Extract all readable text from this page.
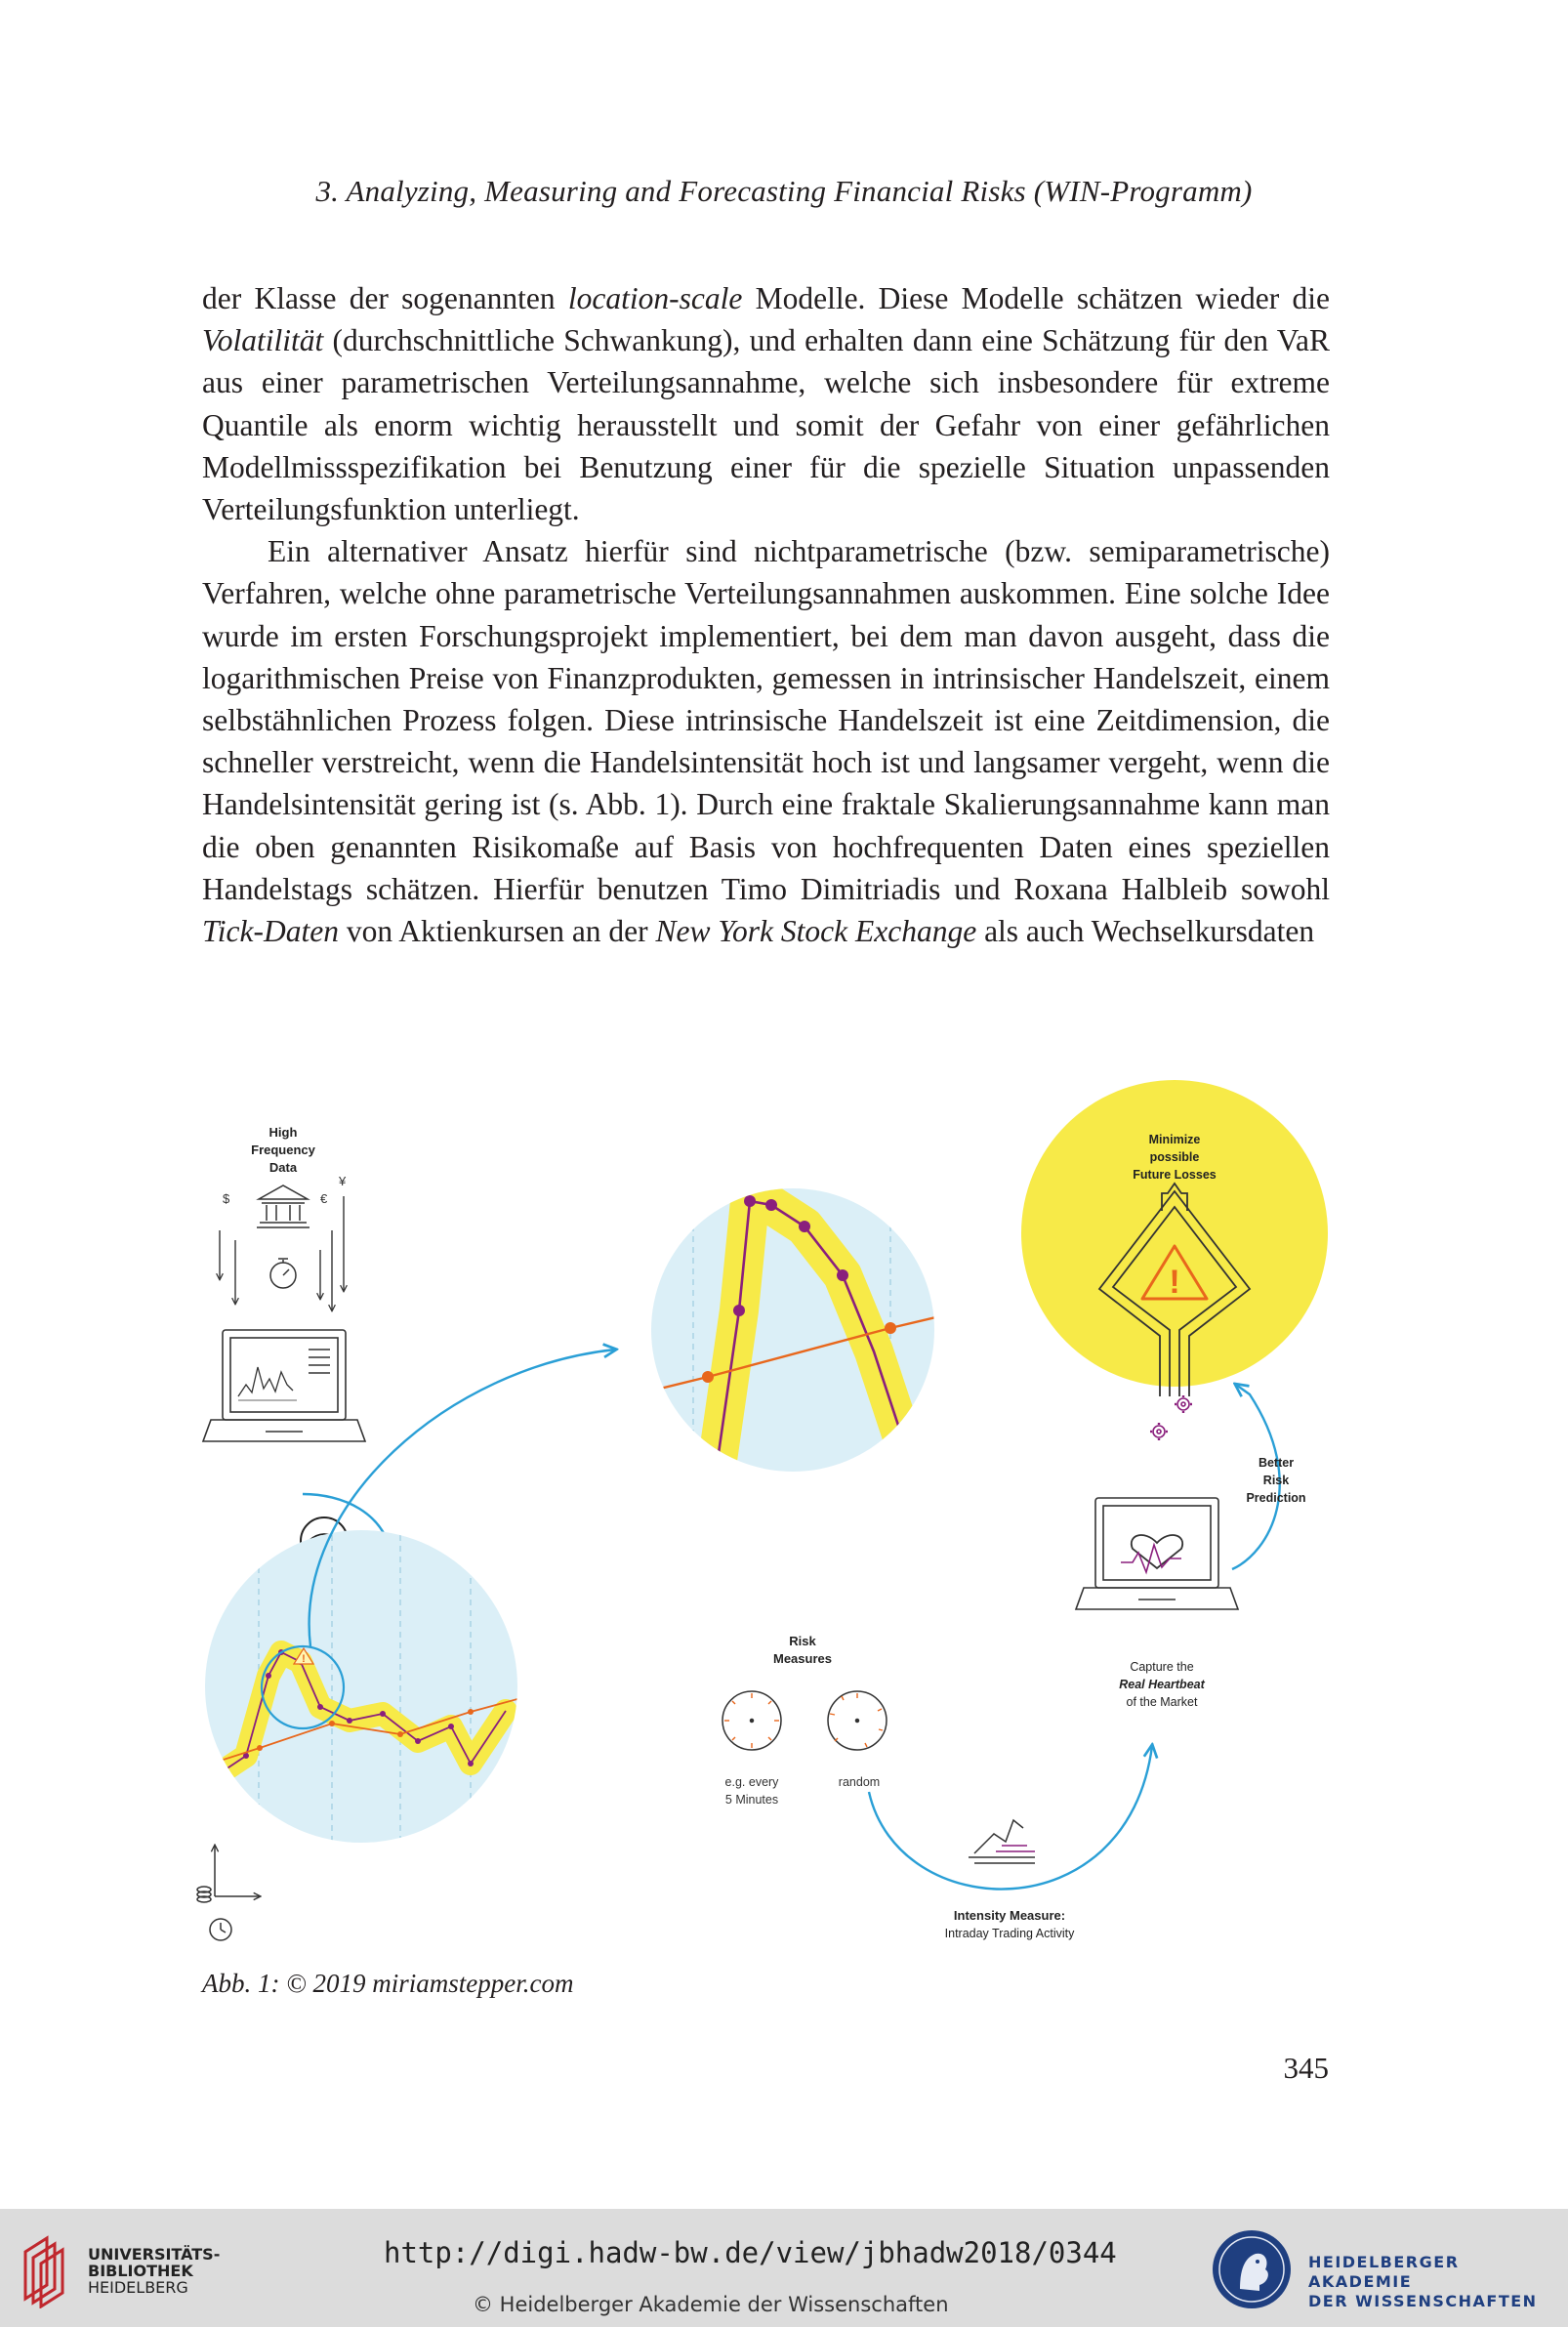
3. Analyzing, Measuring and Forecasting Financial Risks (WIN-Programm)

der Klasse der sogenannten location-scale Modelle. Diese Modelle schätzen wieder die Volatilität (durchschnittliche Schwankung), und erhalten dann eine Schätzung für den VaR aus einer parametrischen Verteilungsannahme, welche sich insbesondere für extreme Quantile als enorm wichtig herausstellt und somit der Gefahr von einer gefährlichen Modellmissspezifikation bei Benutzung einer für die spezielle Situation unpassenden Verteilungsfunktion unterliegt.

Ein alternativer Ansatz hierfür sind nichtparametrische (bzw. semiparametrische) Verfahren, welche ohne parametrische Verteilungsannahmen auskommen. Eine solche Idee wurde im ersten Forschungsprojekt implementiert, bei dem man davon ausgeht, dass die logarithmischen Preise von Finanzprodukten, gemessen in intrinsischer Handelszeit, einem selbstähnlichen Prozess folgen. Diese intrinsische Handelszeit ist eine Zeitdimension, die schneller verstreicht, wenn die Handelsintensität hoch ist und langsamer vergeht, wenn die Handelsintensität gering ist (s. Abb. 1). Durch eine fraktale Skalierungsannahme kann man die oben genannten Risikomaße auf Basis von hochfrequenten Daten eines speziellen Handelstags schätzen. Hierfür benutzen Timo Dimitriadis und Roxana Halbleib sowohl Tick-Daten von Aktienkursen an der New York Stock Exchange als auch Wechselkursdaten

High
Frequency
Data
$	€
¥
!
Risk
Measures
e.g. every
5 Minutes
random
Intensity Measure:
Intraday Trading Activity
Capture the
Real Heartbeat
of the Market
Better
Risk
Prediction
Minimize
possible
Future Losses
!
Abb. 1: © 2019 miriamstepper.com
345
UNIVERSITÄTS-
BIBLIOTHEK
HEIDELBERG
http://digi.hadw-bw.de/view/jbhadw2018/0344
© Heidelberger Akademie der Wissenschaften
HEIDELBERGER AKADEMIE
DER WISSENSCHAFTEN
